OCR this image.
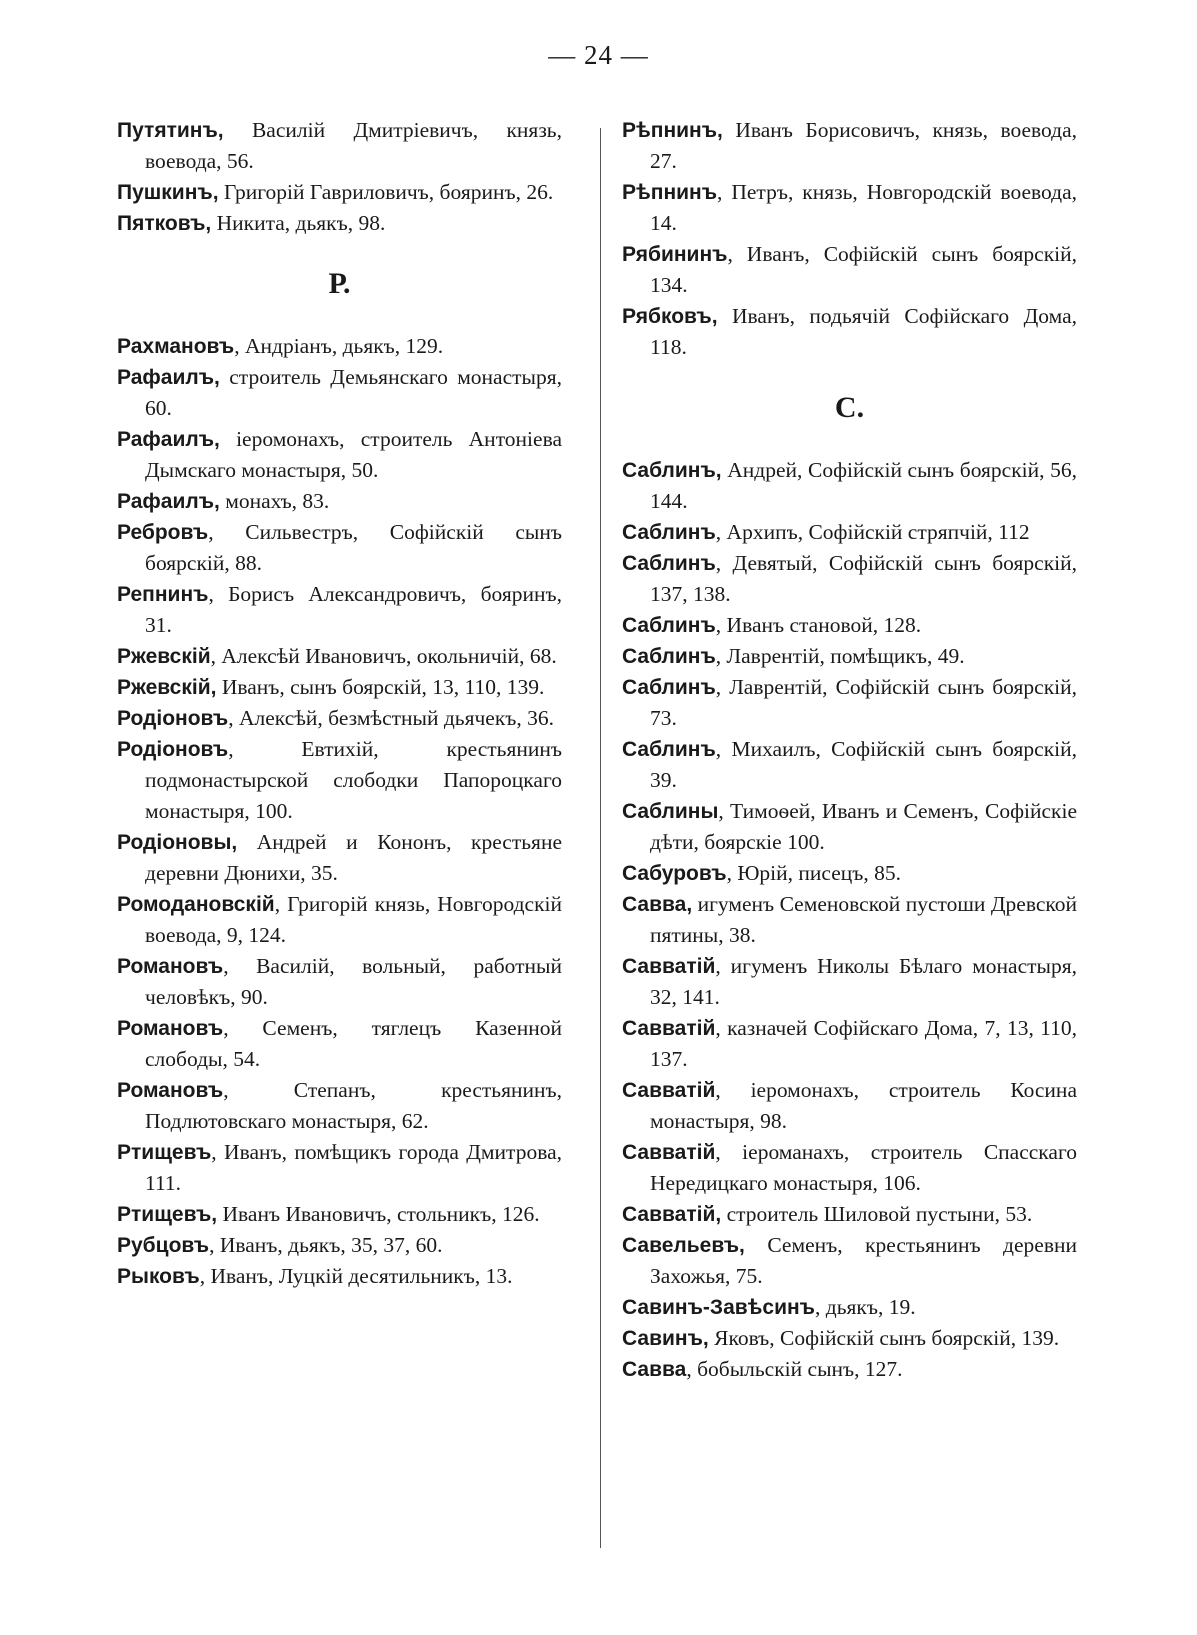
— 24 —

Путятинъ, Василій Дмитріевичъ, князь, воевода, 56.

Пушкинъ, Григорій Гавриловичъ, бояринъ, 26.

Пятковъ, Никита, дьякъ, 98.

Р.

Рахмановъ, Андріанъ, дьякъ, 129.

Рафаилъ, строитель Демьянскаго монастыря, 60.

Рафаилъ, іеромонахъ, строитель Антоніева Дымскаго монастыря, 50.

Рафаилъ, монахъ, 83.

Ребровъ, Сильвестръ, Софійскій сынъ боярскій, 88.

Репнинъ, Борисъ Александровичъ, бояринъ, 31.

Ржевскій, Алексѣй Ивановичъ, окольничій, 68.

Ржевскій, Иванъ, сынъ боярскій, 13, 110, 139.

Родіоновъ, Алексѣй, безмѣстный дьячекъ, 36.

Родіоновъ, Евтихій, крестьянинъ подмонастырской слободки Папороцкаго монастыря, 100.

Родіоновы, Андрей и Кононъ, крестьяне деревни Дюнихи, 35.

Ромодановскій, Григорій князь, Новгородскій воевода, 9, 124.

Романовъ, Василій, вольный, работный человѣкъ, 90.

Романовъ, Семенъ, тяглецъ Казенной слободы, 54.

Романовъ, Степанъ, крестьянинъ, Подлютовскаго монастыря, 62.

Ртищевъ, Иванъ, помѣщикъ города Дмитрова, 111.

Ртищевъ, Иванъ Ивановичъ, стольникъ, 126.

Рубцовъ, Иванъ, дьякъ, 35, 37, 60.

Рыковъ, Иванъ, Луцкій десятильникъ, 13.

Рѣпнинъ, Иванъ Борисовичъ, князь, воевода, 27.

Рѣпнинъ, Петръ, князь, Новгородскій воевода, 14.

Рябининъ, Иванъ, Софійскій сынъ боярскій, 134.

Рябковъ, Иванъ, подьячій Софійскаго Дома, 118.

С.

Саблинъ, Андрей, Софійскій сынъ боярскій, 56, 144.

Саблинъ, Архипъ, Софійскій стряпчій, 112

Саблинъ, Девятый, Софійскій сынъ боярскій, 137, 138.

Саблинъ, Иванъ становой, 128.

Саблинъ, Лаврентій, помѣщикъ, 49.

Саблинъ, Лаврентій, Софійскій сынъ боярскій, 73.

Саблинъ, Михаилъ, Софійскій сынъ боярскій, 39.

Саблины, Тимоѳей, Иванъ и Семенъ, Софійскіе дѣти, боярскіе 100.

Сабуровъ, Юрій, писецъ, 85.

Савва, игуменъ Семеновской пустоши Древской пятины, 38.

Савватій, игуменъ Николы Бѣлаго монастыря, 32, 141.

Савватій, казначей Софійскаго Дома, 7, 13, 110, 137.

Савватій, іеромонахъ, строитель Косина монастыря, 98.

Савватій, іероманахъ, строитель Спасскаго Нередицкаго монастыря, 106.

Савватій, строитель Шиловой пустыни, 53.

Савельевъ, Семенъ, крестьянинъ деревни Захожья, 75.

Савинъ-Завѣсинъ, дьякъ, 19.

Савинъ, Яковъ, Софійскій сынъ боярскій, 139.

Савва, бобыльскій сынъ, 127.
